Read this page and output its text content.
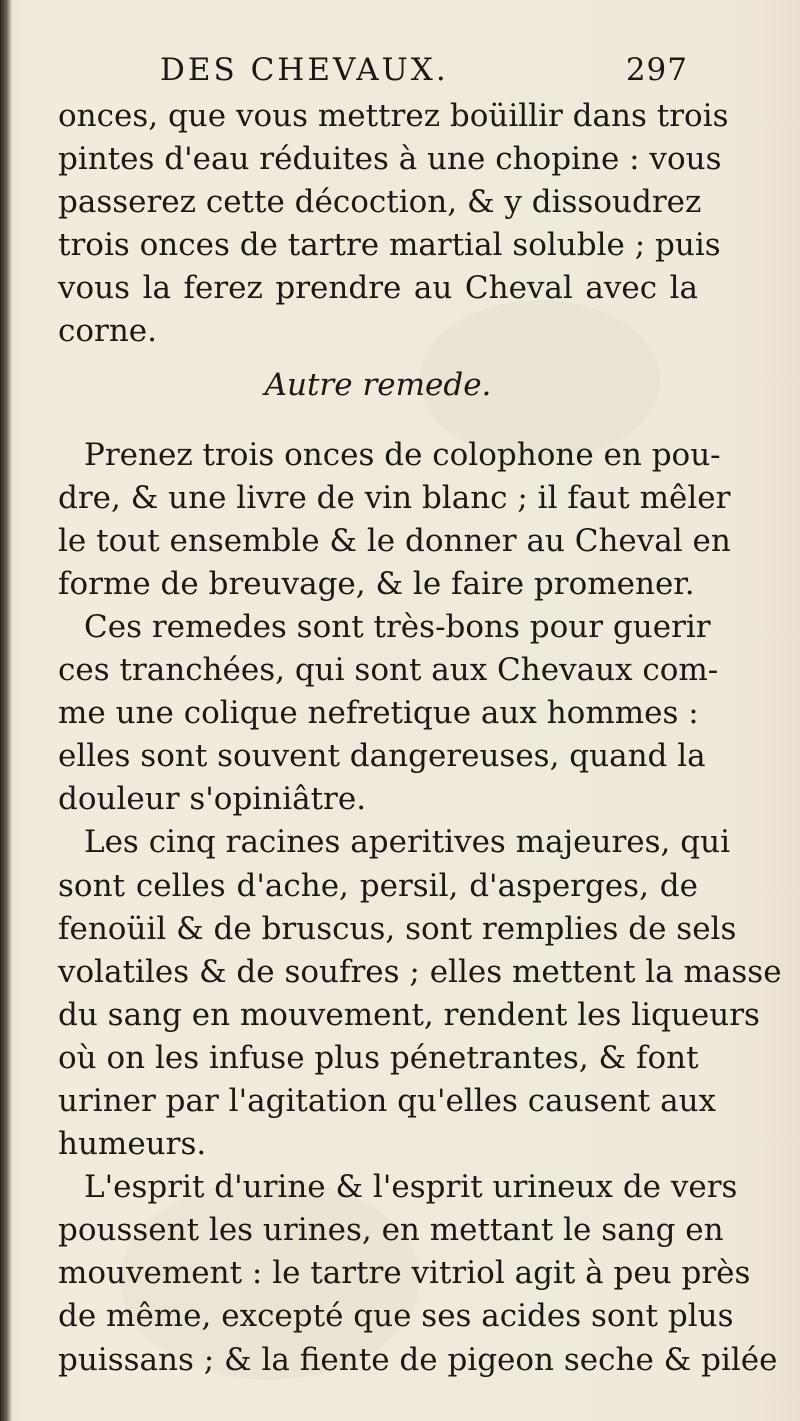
DES CHEVAUX.	297
onces, que vous mettrez boüillir dans trois
pintes d'eau réduites à une chopine : vous
passerez cette décoction, & y dissoudrez
trois onces de tartre martial soluble ; puis
vous la ferez prendre au Cheval avec la
corne.
Autre remede.
Prenez trois onces de colophone en pou-
dre, & une livre de vin blanc ; il faut mêler
le tout ensemble & le donner au Cheval en
forme de breuvage, & le faire promener.
Ces remedes sont très-bons pour guerir
ces tranchées, qui sont aux Chevaux com-
me une colique nefretique aux hommes :
elles sont souvent dangereuses, quand la
douleur s'opiniâtre.
Les cinq racines aperitives majeures, qui
sont celles d'ache, persil, d'asperges, de
fenoüil & de bruscus, sont remplies de sels
volatiles & de soufres ; elles mettent la masse
du sang en mouvement, rendent les liqueurs
où on les infuse plus pénetrantes, & font
uriner par l'agitation qu'elles causent aux
humeurs.
L'esprit d'urine & l'esprit urineux de vers
poussent les urines, en mettant le sang en
mouvement : le tartre vitriol agit à peu près
de même, excepté que ses acides sont plus
puissans ; & la fiente de pigeon seche & pilée
